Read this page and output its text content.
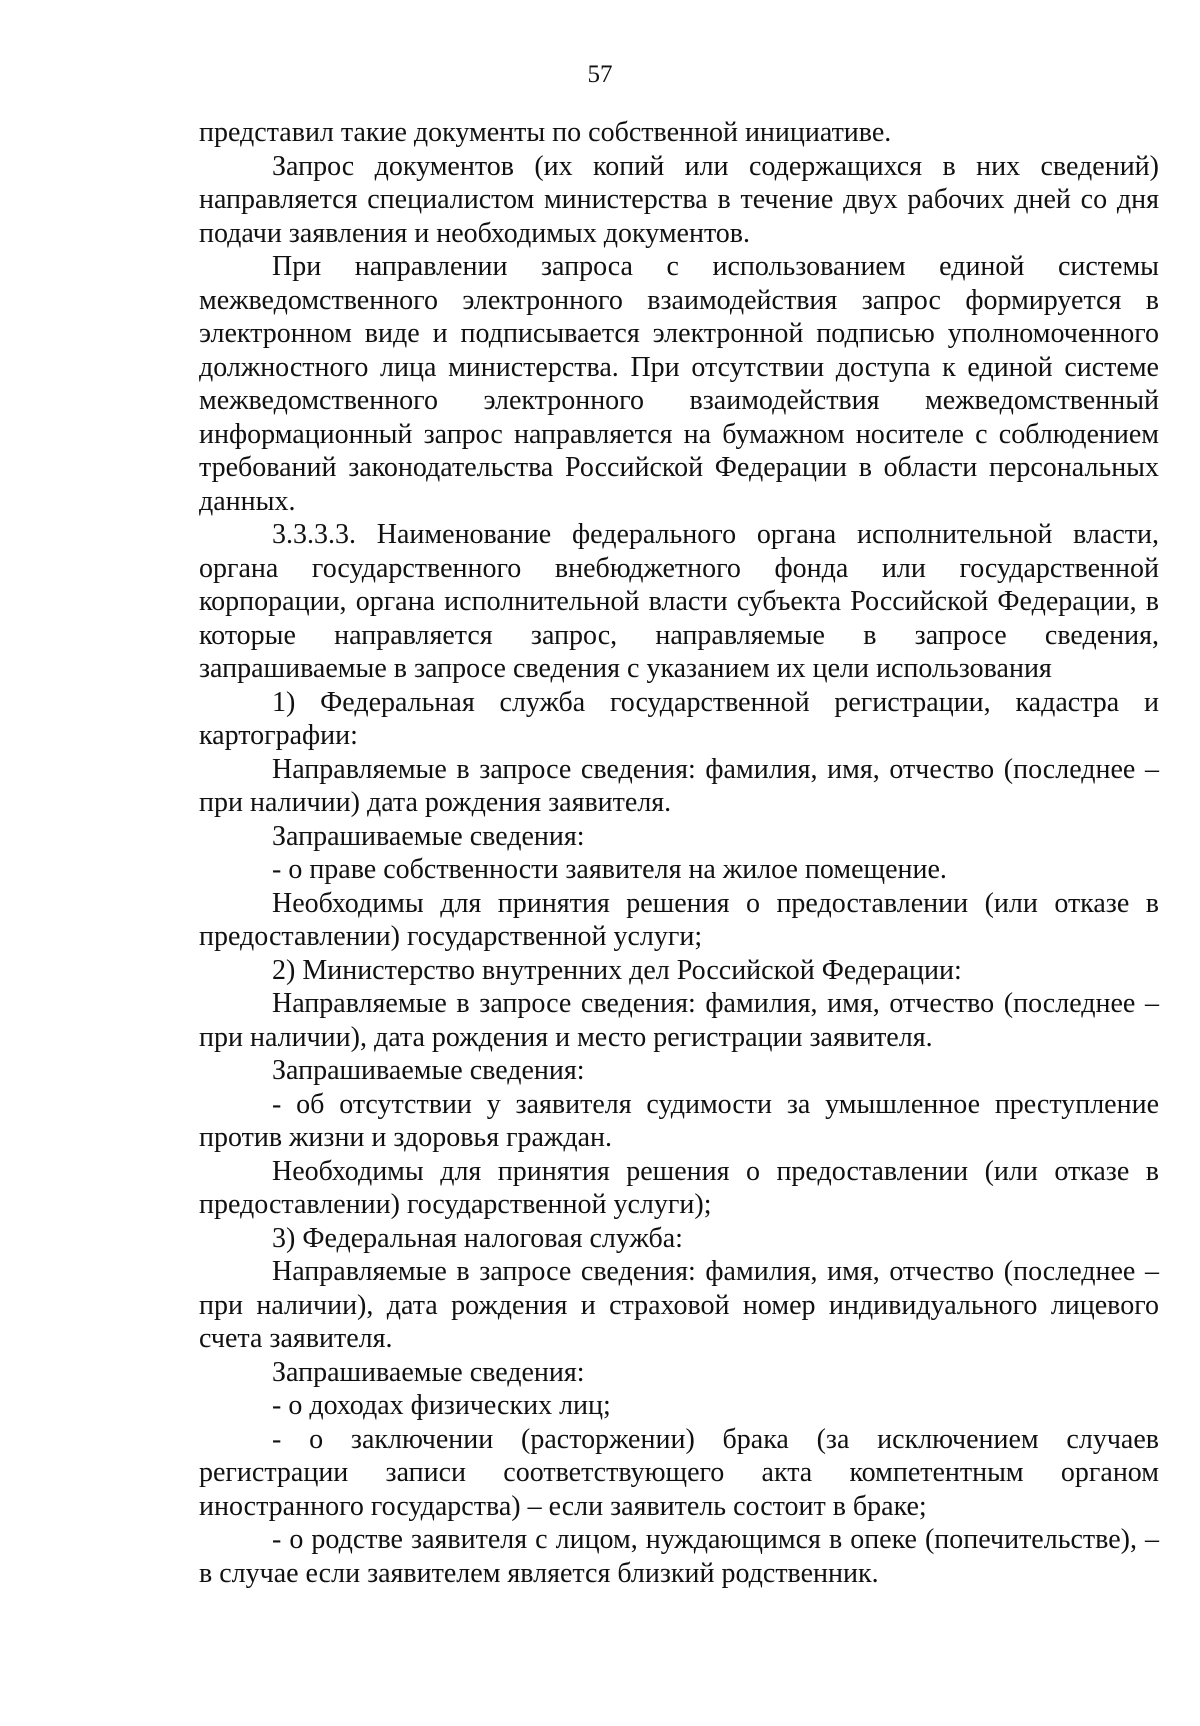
57

представил такие документы по собственной инициативе.

Запрос документов (их копий или содержащихся в них сведений) направляется специалистом министерства в течение двух рабочих дней со дня подачи заявления и необходимых документов.

При направлении запроса с использованием единой системы межведомственного электронного взаимодействия запрос формируется в электронном виде и подписывается электронной подписью уполномоченного должностного лица министерства. При отсутствии доступа к единой системе межведомственного электронного взаимодействия межведомственный информационный запрос направляется на бумажном носителе с соблюдением требований законодательства Российской Федерации в области персональных данных.

3.3.3.3. Наименование федерального органа исполнительной власти, органа государственного внебюджетного фонда или государственной корпорации, органа исполнительной власти субъекта Российской Федерации, в которые направляется запрос, направляемые в запросе сведения, запрашиваемые в запросе сведения с указанием их цели использования

1) Федеральная служба государственной регистрации, кадастра и картографии:

Направляемые в запросе сведения: фамилия, имя, отчество (последнее – при наличии) дата рождения заявителя.

Запрашиваемые сведения:

- о праве собственности заявителя на жилое помещение.

Необходимы для принятия решения о предоставлении (или отказе в предоставлении) государственной услуги;

2) Министерство внутренних дел Российской Федерации:

Направляемые в запросе сведения: фамилия, имя, отчество (последнее – при наличии), дата рождения и место регистрации заявителя.

Запрашиваемые сведения:

- об отсутствии у заявителя судимости за умышленное преступление против жизни и здоровья граждан.

Необходимы для принятия решения о предоставлении (или отказе в предоставлении) государственной услуги);

3) Федеральная налоговая служба:

Направляемые в запросе сведения: фамилия, имя, отчество (последнее – при наличии), дата рождения и страховой номер индивидуального лицевого счета заявителя.

Запрашиваемые сведения:

- о доходах физических лиц;

- о заключении (расторжении) брака (за исключением случаев регистрации записи соответствующего акта компетентным органом иностранного государства) – если заявитель состоит в браке;

- о родстве заявителя с лицом, нуждающимся в опеке (попечительстве), – в случае если заявителем является близкий родственник.
